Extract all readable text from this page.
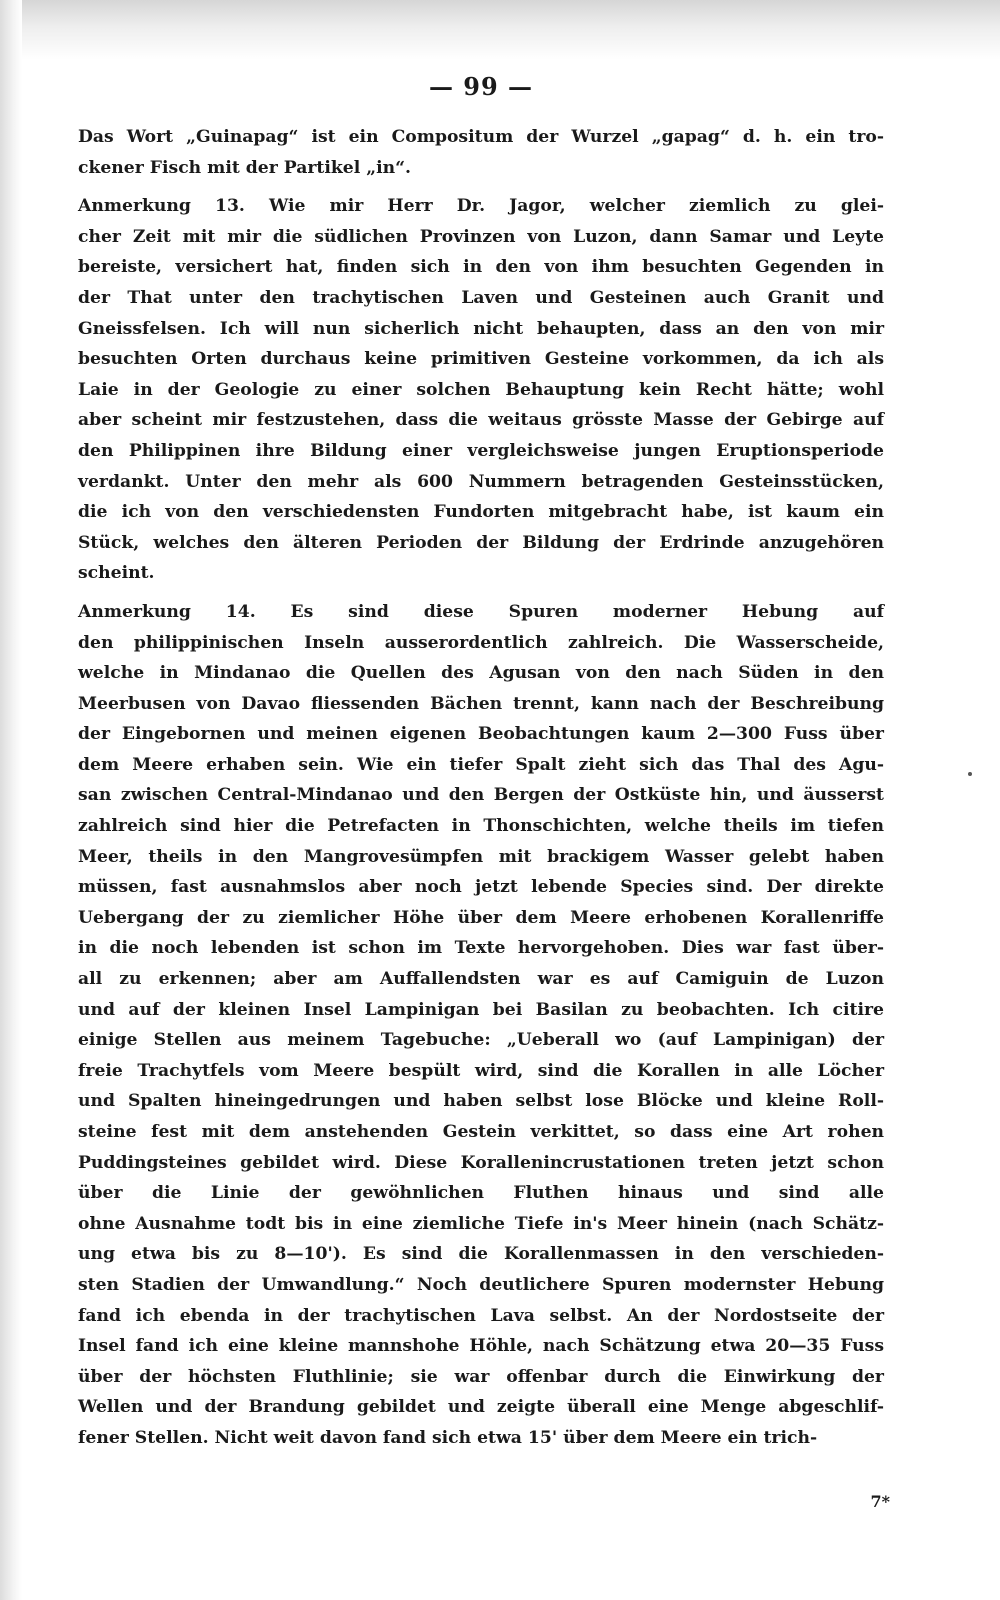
— 99 —
Das Wort „Guinapag“ ist ein Compositum der Wurzel „gapag“ d. h. ein tro-
ckener Fisch mit der Partikel „in“.
Anmerkung 13. Wie mir Herr Dr. Jagor, welcher ziemlich zu glei-
cher Zeit mit mir die südlichen Provinzen von Luzon, dann Samar und Leyte
bereiste, versichert hat, finden sich in den von ihm besuchten Gegenden in
der That unter den trachytischen Laven und Gesteinen auch Granit und
Gneissfelsen. Ich will nun sicherlich nicht behaupten, dass an den von mir
besuchten Orten durchaus keine primitiven Gesteine vorkommen, da ich als
Laie in der Geologie zu einer solchen Behauptung kein Recht hätte; wohl
aber scheint mir festzustehen, dass die weitaus grösste Masse der Gebirge auf
den Philippinen ihre Bildung einer vergleichsweise jungen Eruptionsperiode
verdankt. Unter den mehr als 600 Nummern betragenden Gesteinsstücken,
die ich von den verschiedensten Fundorten mitgebracht habe, ist kaum ein
Stück, welches den älteren Perioden der Bildung der Erdrinde anzugehören
scheint.
Anmerkung 14. Es sind diese Spuren moderner Hebung auf
den philippinischen Inseln ausserordentlich zahlreich. Die Wasserscheide,
welche in Mindanao die Quellen des Agusan von den nach Süden in den
Meerbusen von Davao fliessenden Bächen trennt, kann nach der Beschreibung
der Eingebornen und meinen eigenen Beobachtungen kaum 2—300 Fuss über
dem Meere erhaben sein. Wie ein tiefer Spalt zieht sich das Thal des Agu-
san zwischen Central-Mindanao und den Bergen der Ostküste hin, und äusserst
zahlreich sind hier die Petrefacten in Thonschichten, welche theils im tiefen
Meer, theils in den Mangrovesümpfen mit brackigem Wasser gelebt haben
müssen, fast ausnahmslos aber noch jetzt lebende Species sind. Der direkte
Uebergang der zu ziemlicher Höhe über dem Meere erhobenen Korallenriffe
in die noch lebenden ist schon im Texte hervorgehoben. Dies war fast über-
all zu erkennen; aber am Auffallendsten war es auf Camiguin de Luzon
und auf der kleinen Insel Lampinigan bei Basilan zu beobachten. Ich citire
einige Stellen aus meinem Tagebuche: „Ueberall wo (auf Lampinigan) der
freie Trachytfels vom Meere bespült wird, sind die Korallen in alle Löcher
und Spalten hineingedrungen und haben selbst lose Blöcke und kleine Roll-
steine fest mit dem anstehenden Gestein verkittet, so dass eine Art rohen
Puddingsteines gebildet wird. Diese Korallenincrustationen treten jetzt schon
über die Linie der gewöhnlichen Fluthen hinaus und sind alle
ohne Ausnahme todt bis in eine ziemliche Tiefe in's Meer hinein (nach Schätz-
ung etwa bis zu 8—10'). Es sind die Korallenmassen in den verschieden-
sten Stadien der Umwandlung.“ Noch deutlichere Spuren modernster Hebung
fand ich ebenda in der trachytischen Lava selbst. An der Nordostseite der
Insel fand ich eine kleine mannshohe Höhle, nach Schätzung etwa 20—35 Fuss
über der höchsten Fluthlinie; sie war offenbar durch die Einwirkung der
Wellen und der Brandung gebildet und zeigte überall eine Menge abgeschlif-
fener Stellen. Nicht weit davon fand sich etwa 15' über dem Meere ein trich-
7*
